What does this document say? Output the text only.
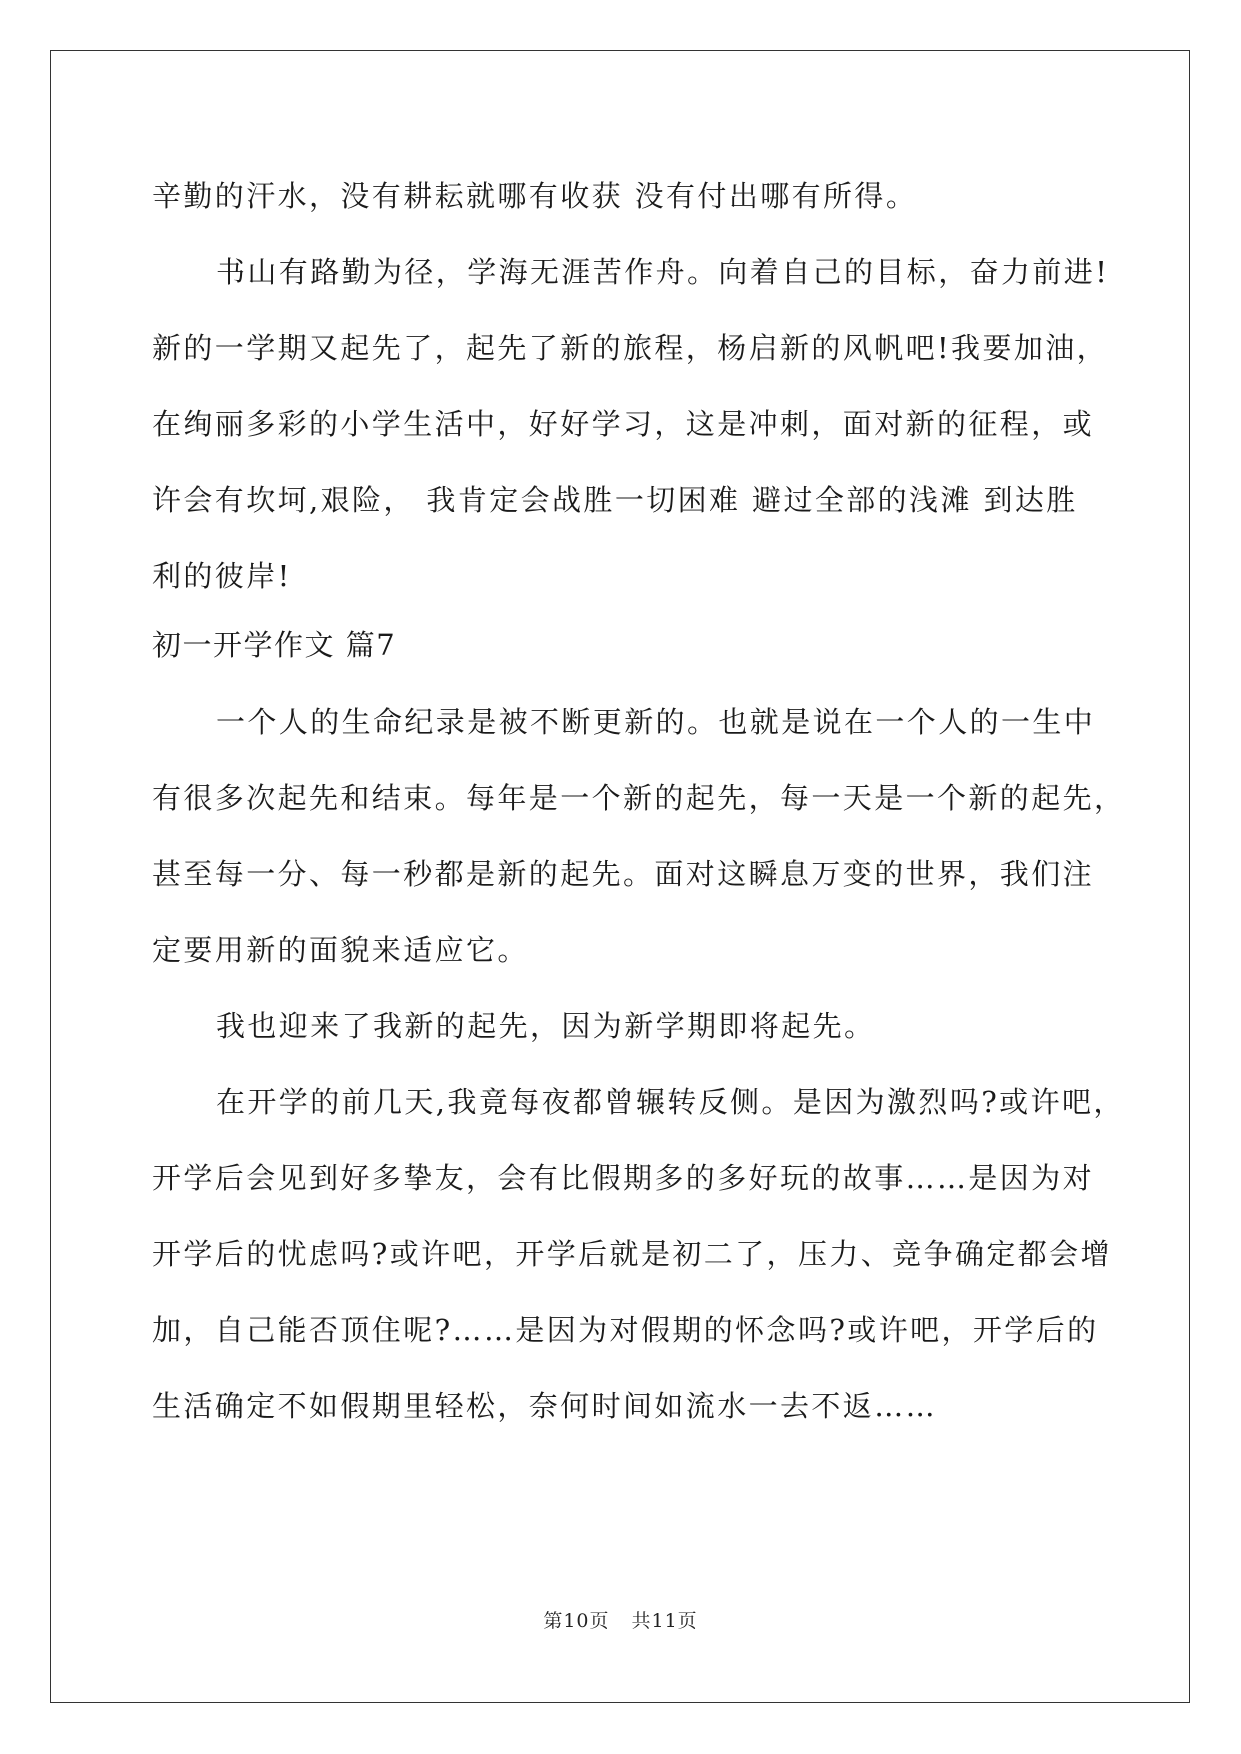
辛勤的汗水，没有耕耘就哪有收获 没有付出哪有所得。
书山有路勤为径，学海无涯苦作舟。向着自己的目标，奋力前进!
新的一学期又起先了，起先了新的旅程，杨启新的风帆吧!我要加油，
在绚丽多彩的小学生活中，好好学习，这是冲刺，面对新的征程，或
许会有坎坷,艰险， 我肯定会战胜一切困难 避过全部的浅滩 到达胜
利的彼岸!
初一开学作文 篇7
一个人的生命纪录是被不断更新的。也就是说在一个人的一生中
有很多次起先和结束。每年是一个新的起先，每一天是一个新的起先，
甚至每一分、每一秒都是新的起先。面对这瞬息万变的世界，我们注
定要用新的面貌来适应它。
我也迎来了我新的起先，因为新学期即将起先。
在开学的前几天,我竟每夜都曾辗转反侧。是因为激烈吗?或许吧，
开学后会见到好多挚友，会有比假期多的多好玩的故事……是因为对
开学后的忧虑吗?或许吧，开学后就是初二了，压力、竞争确定都会增
加，自己能否顶住呢?……是因为对假期的怀念吗?或许吧，开学后的
生活确定不如假期里轻松，奈何时间如流水一去不返……
第10页 共11页
